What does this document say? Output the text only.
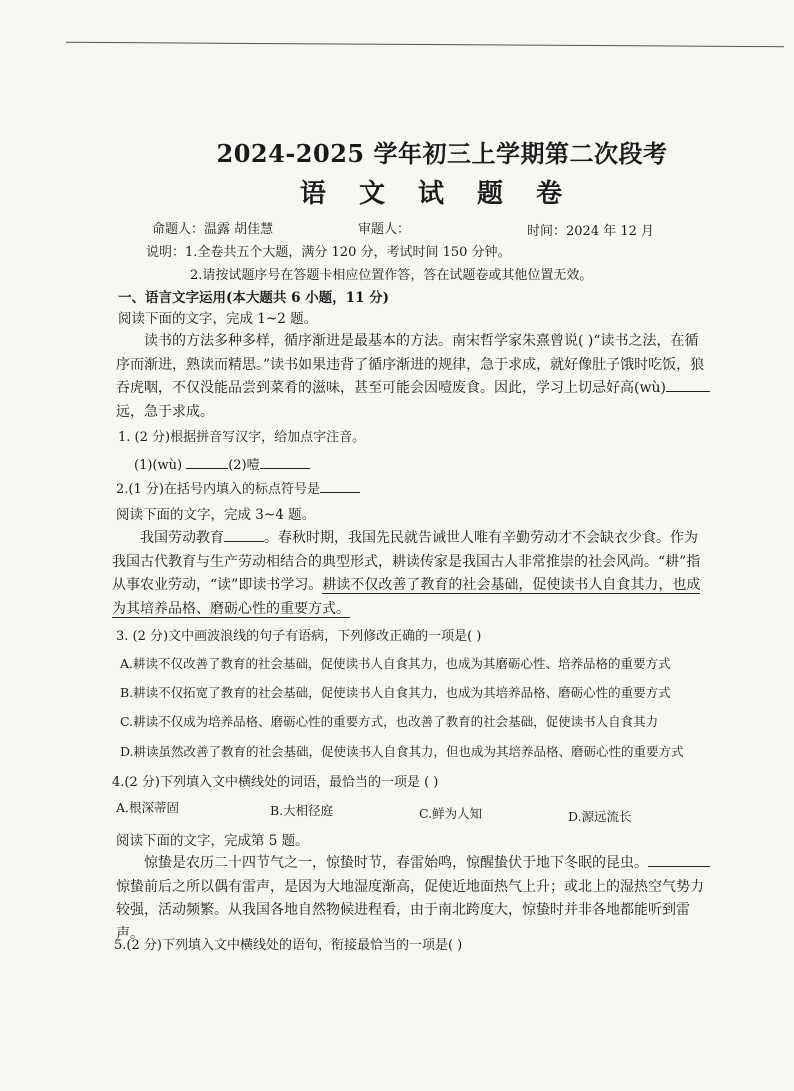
2024-2025 学年初三上学期第二次段考
语 文 试 题 卷
命题人：温露 胡佳慧	审题人：	时间：2024 年 12 月
说明：1.全卷共五个大题，满分 120 分，考试时间 150 分钟。
2.请按试题序号在答题卡相应位置作答，答在试题卷或其他位置无效。
一、语言文字运用(本大题共 6 小题，11 分)
阅读下面的文字，完成 1~2 题。
读书的方法多种多样，循序渐进是最基本的方法。南宋哲学家朱熹曾说( )“读书之法，在循序而渐进，熟读而精思。”读书如果违背了循序渐进的规律，急于求成，就好像肚子饿时吃饭，狼吞虎咽，不仅没能品尝到菜肴的滋味，甚至可能会因噎废食。因此，学习上切忌好高(wù)远，急于求成。
1. (2 分)根据拼音写汉字，给加点字注音。
(1)(wù)	(2)噎
2.(1 分)在括号内填入的标点符号是
阅读下面的文字，完成 3~4 题。
我国劳动教育	。春秋时期，我国先民就告诫世人唯有辛勤劳动才不会缺衣少食。作为我国古代教育与生产劳动相结合的典型形式，耕读传家是我国古人非常推崇的社会风尚。“耕”指从事农业劳动，“读”即读书学习。耕读不仅改善了教育的社会基础，促使读书人自食其力，也成为其培养品格、磨砺心性的重要方式。
3. (2 分)文中画波浪线的句子有语病，下列修改正确的一项是( )
A.耕读不仅改善了教育的社会基础，促使读书人自食其力，也成为其磨砺心性、培养品格的重要方式
B.耕读不仅拓宽了教育的社会基础，促使读书人自食其力，也成为其培养品格、磨砺心性的重要方式
C.耕读不仅成为培养品格、磨砺心性的重要方式，也改善了教育的社会基础，促使读书人自食其力
D.耕读虽然改善了教育的社会基础，促使读书人自食其力，但也成为其培养品格、磨砺心性的重要方式
4.(2 分)下列填入文中横线处的词语，最恰当的一项是 ( )
A.根深蒂固	B.大相径庭	C.鲜为人知	D.源远流长
阅读下面的文字，完成第 5 题。
惊蛰是农历二十四节气之一，惊蛰时节，春雷始鸣，惊醒蛰伏于地下冬眠的昆虫。惊蛰前后之所以偶有雷声，是因为大地湿度渐高，促使近地面热气上升；或北上的湿热空气势力较强，活动频繁。从我国各地自然物候进程看，由于南北跨度大，惊蛰时并非各地都能听到雷声。
5.(2 分)下列填入文中横线处的语句，衔接最恰当的一项是( )
